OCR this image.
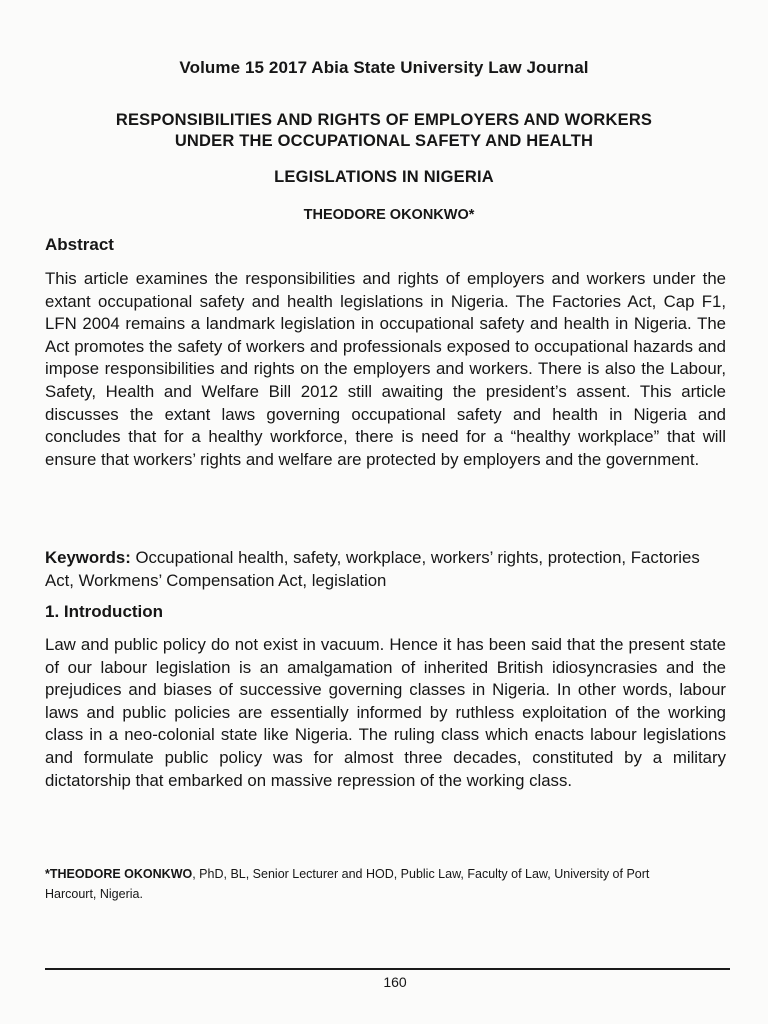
Volume 15 2017 Abia State University Law Journal
RESPONSIBILITIES AND RIGHTS OF EMPLOYERS AND WORKERS
UNDER THE OCCUPATIONAL SAFETY AND HEALTH
LEGISLATIONS IN NIGERIA
THEODORE OKONKWO*
Abstract

This article examines the responsibilities and rights of employers and workers under the extant occupational safety and health legislations in Nigeria. The Factories Act, Cap F1, LFN 2004 remains a landmark legislation in occupational safety and health in Nigeria. The Act promotes the safety of workers and professionals exposed to occupational hazards and impose responsibilities and rights on the employers and workers. There is also the Labour, Safety, Health and Welfare Bill 2012 still awaiting the president’s assent. This article discusses the extant laws governing occupational safety and health in Nigeria and concludes that for a healthy workforce, there is need for a “healthy workplace” that will ensure that workers’ rights and welfare are protected by employers and the government.

Keywords: Occupational health, safety, workplace, workers’ rights, protection, Factories Act, Workmens’ Compensation Act, legislation

1. Introduction

Law and public policy do not exist in vacuum. Hence it has been said that the present state of our labour legislation is an amalgamation of inherited British idiosyncrasies and the prejudices and biases of successive governing classes in Nigeria. In other words, labour laws and public policies are essentially informed by ruthless exploitation of the working class in a neo-colonial state like Nigeria. The ruling class which enacts labour legislations and formulate public policy was for almost three decades, constituted by a military dictatorship that embarked on massive repression of the working class.

*THEODORE OKONKWO, PhD, BL, Senior Lecturer and HOD, Public Law, Faculty of Law, University of Port Harcourt, Nigeria.

160
